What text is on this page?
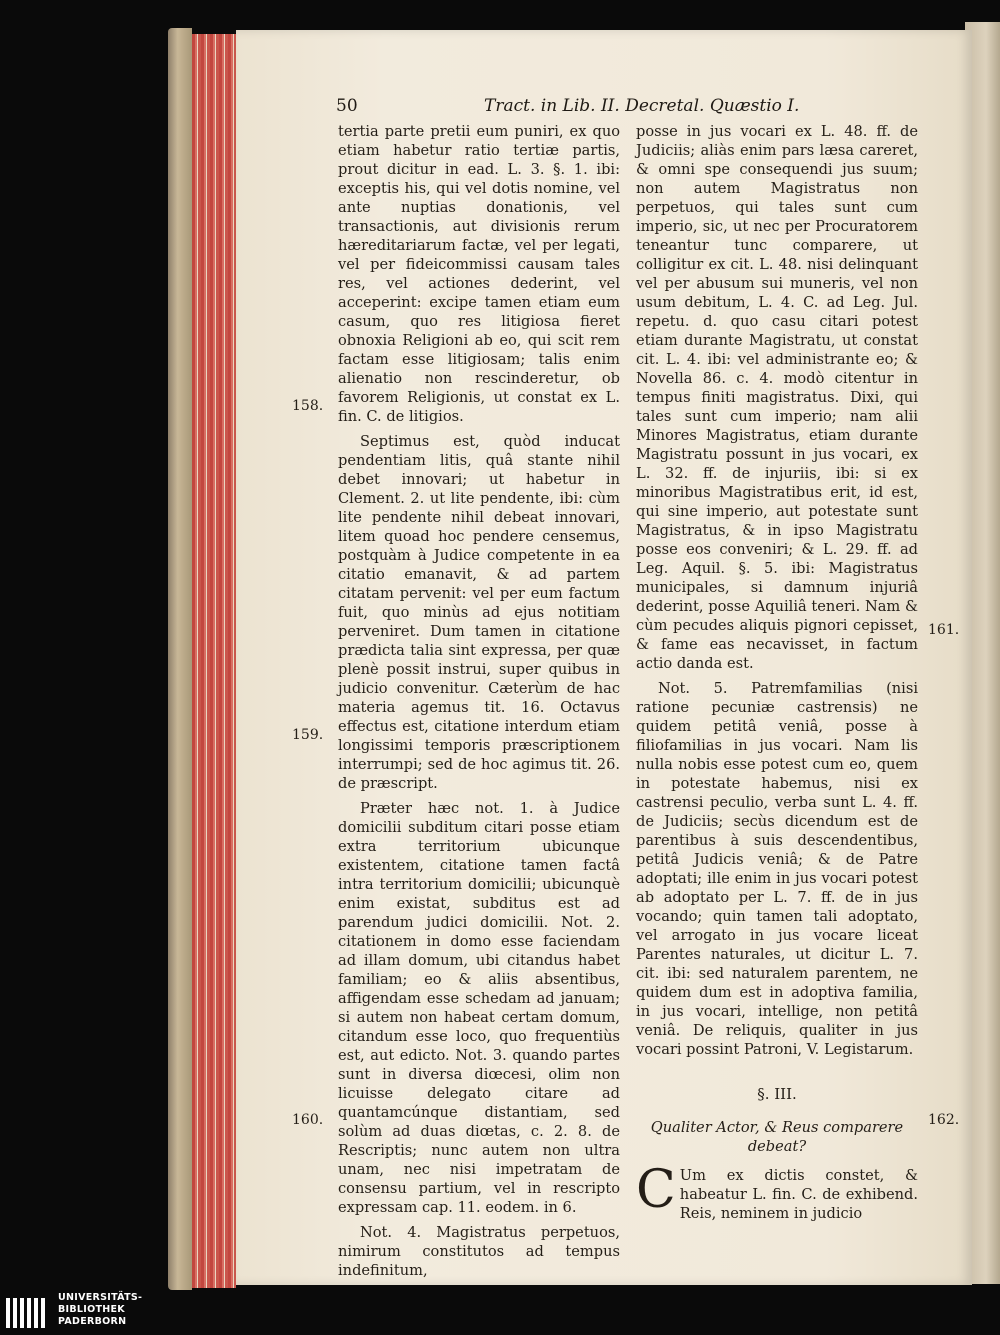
50	Tract. in Lib. II. Decretal. Quæstio I.

tertia parte pretii eum puniri, ex quo etiam habetur ratio tertiæ partis, prout dicitur in ead. L. 3. §. 1. ibi: exceptis his, qui vel dotis nomine, vel ante nuptias donationis, vel transactionis, aut divisionis rerum hæreditariarum factæ, vel per legati, vel per fideicommissi causam tales res, vel actiones dederint, vel acceperint: excipe tamen etiam eum casum, quo res litigiosa fieret obnoxia Religioni ab eo, qui scit rem factam esse litigiosam; talis enim alienatio non rescinderetur, ob favorem Religionis, ut constat ex L. fin. C. de litigios.

Septimus est, quòd inducat pendentiam litis, quâ stante nihil debet innovari; ut habetur in Clement. 2. ut lite pendente, ibi: cùm lite pendente nihil debeat innovari, litem quoad hoc pendere censemus, postquàm à Judice competente in ea citatio emanavit, & ad partem citatam pervenit: vel per eum factum fuit, quo minùs ad ejus notitiam perveniret. Dum tamen in citatione prædicta talia sint expressa, per quæ plenè possit instrui, super quibus in judicio convenitur. Cæterùm de hac materia agemus tit. 16. Octavus effectus est, citatione interdum etiam longissimi temporis præscriptionem interrumpi; sed de hoc agimus tit. 26. de præscript.

Præter hæc not. 1. à Judice domicilii subditum citari posse etiam extra territorium ubicunque existentem, citatione tamen factâ intra territorium domicilii; ubicunquè enim existat, subditus est ad parendum judici domicilii. Not. 2. citationem in domo esse faciendam ad illam domum, ubi citandus habet familiam; eo & aliis absentibus, affigendam esse schedam ad januam; si autem non habeat certam domum, citandum esse loco, quo frequentiùs est, aut edicto. Not. 3. quando partes sunt in diversa diœcesi, olim non licuisse delegato citare ad quantamcúnque distantiam, sed solùm ad duas diœtas, c. 2. 8. de Rescriptis; nunc autem non ultra unam, nec nisi impetratam de consensu partium, vel in rescripto expressam cap. 11. eodem. in 6.

Not. 4. Magistratus perpetuos, nimirum constitutos ad tempus indefinitum,

posse in jus vocari ex L. 48. ff. de Judiciis; aliàs enim pars læsa careret, & omni spe consequendi jus suum; non autem Magistratus non perpetuos, qui tales sunt cum imperio, sic, ut nec per Procuratorem teneantur tunc comparere, ut colligitur ex cit. L. 48. nisi delinquant vel per abusum sui muneris, vel non usum debitum, L. 4. C. ad Leg. Jul. repetu. d. quo casu citari potest etiam durante Magistratu, ut constat cit. L. 4. ibi: vel administrante eo; & Novella 86. c. 4. modò citentur in tempus finiti magistratus. Dixi, qui tales sunt cum imperio; nam alii Minores Magistratus, etiam durante Magistratu possunt in jus vocari, ex L. 32. ff. de injuriis, ibi: si ex minoribus Magistratibus erit, id est, qui sine imperio, aut potestate sunt Magistratus, & in ipso Magistratu posse eos conveniri; & L. 29. ff. ad Leg. Aquil. §. 5. ibi: Magistratus municipales, si damnum injuriâ dederint, posse Aquiliâ teneri. Nam & cùm pecudes aliquis pignori cepisset, & fame eas necavisset, in factum actio danda est.

Not. 5. Patremfamilias (nisi ratione pecuniæ castrensis) ne quidem petitâ veniâ, posse à filiofamilias in jus vocari. Nam lis nulla nobis esse potest cum eo, quem in potestate habemus, nisi ex castrensi peculio, verba sunt L. 4. ff. de Judiciis; secùs dicendum est de parentibus à suis descendentibus, petitâ Judicis veniâ; & de Patre adoptati; ille enim in jus vocari potest ab adoptato per L. 7. ff. de in jus vocando; quin tamen tali adoptato, vel arrogato in jus vocare liceat Parentes naturales, ut dicitur L. 7. cit. ibi: sed naturalem parentem, ne quidem dum est in adoptiva familia, in jus vocari, intellige, non petitâ veniâ. De reliquis, qualiter in jus vocari possint Patroni, V. Legistarum.

§. III.

Qualiter Actor, & Reus comparere debeat?

C Um ex dictis constet, & habeatur L. fin. C. de exhibend. Reis, neminem in judicio

158.
159.
160.
161.
162.
UNIVERSITÄTS-
BIBLIOTHEK
PADERBORN
